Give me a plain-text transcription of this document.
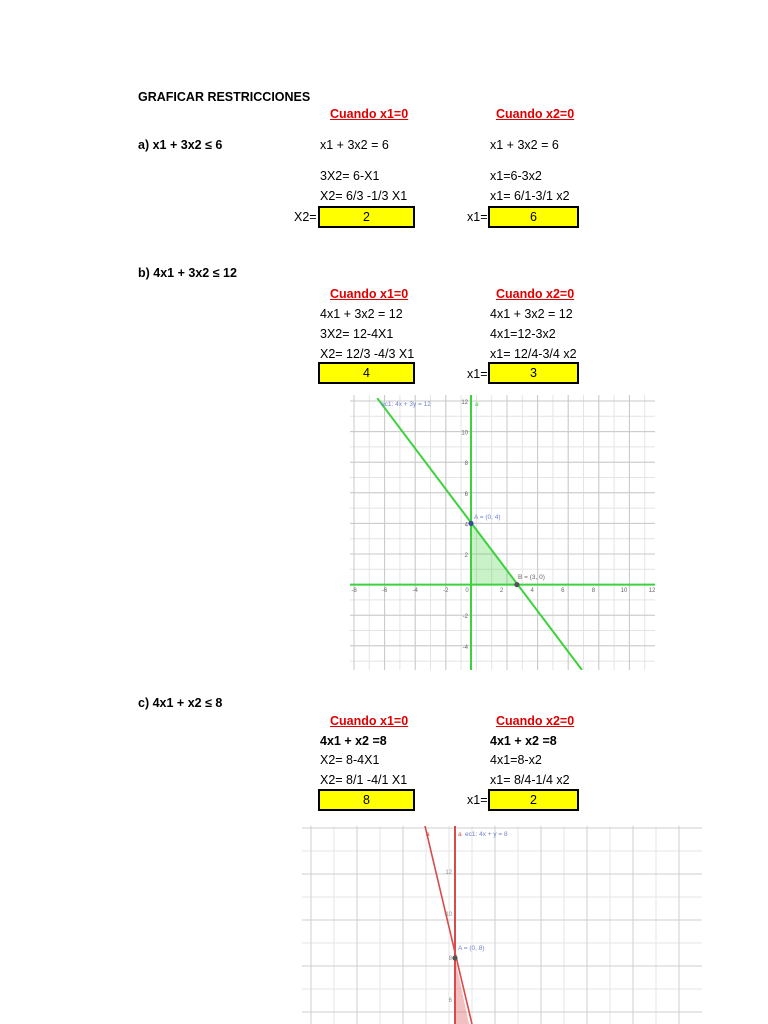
GRAFICAR RESTRICCIONES
a) x1 + 3x2 ≤ 6
Cuando x1=0	Cuando x2=0
x1 + 3x2 = 6	x1 + 3x2 = 6
3X2= 6-X1	x1=6-3x2
X2= 6/3 -1/3 X1	x1= 6/1-3/1 x2
X2=	2	x1=	6
b) 4x1 + 3x2 ≤ 12
Cuando x1=0	Cuando x2=0
4x1 + 3x2 = 12	4x1 + 3x2 = 12
3X2= 12-4X1	4x1=12-3x2
X2= 12/3 -4/3 X1	x1= 12/4-3/4 x2
4	x1=	3
-8	-6	-4	-2	0	2	4	6	8	10	12
12
10
8
6
4
2
-2
-4
ec1: 4x + 3y = 12	a
A = (0, 4)
B = (3, 0)
c) 4x1 + x2 ≤ 8
Cuando x1=0	Cuando x2=0
4x1 + x2 =8	4x1 + x2 =8
X2= 8-4X1	4x1=8-x2
X2= 8/1 -4/1 X1	x1= 8/4-1/4 x2
8	x1=	2
12
10
8
6
a	a ec1: 4x + y = 8
A = (0, 8)
